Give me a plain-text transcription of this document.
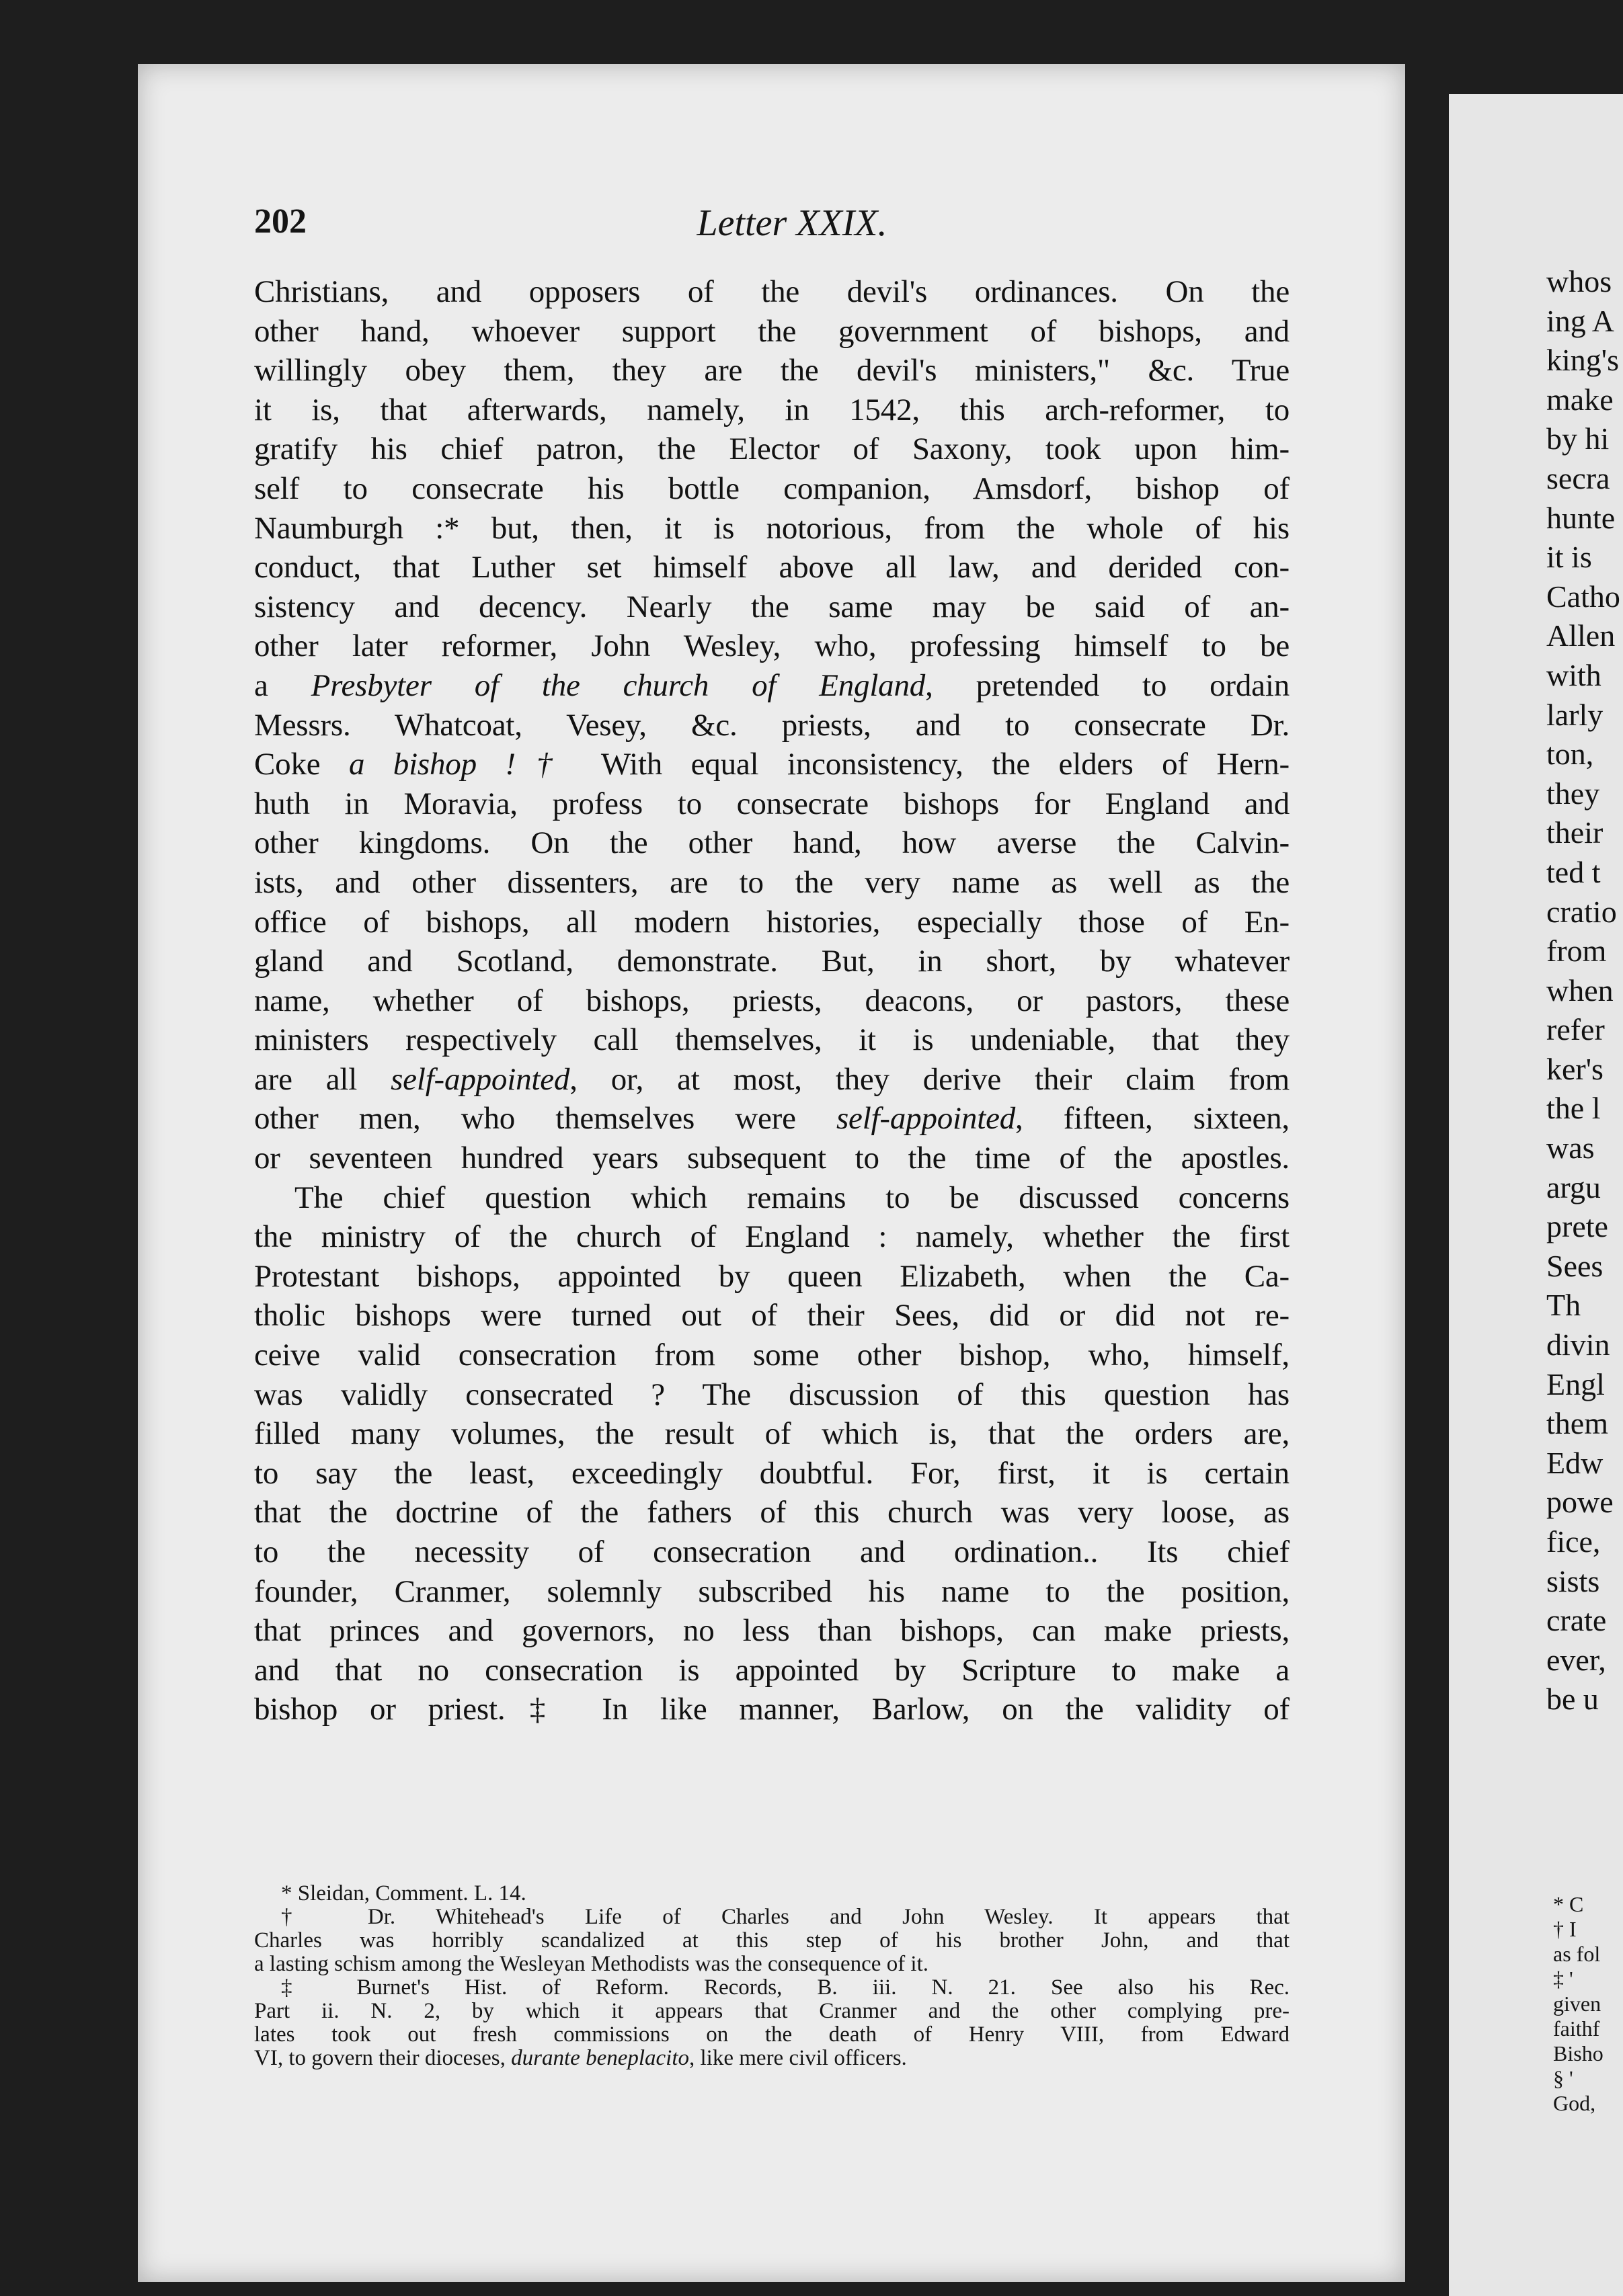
202	Letter XXIX.
Christians, and opposers of the devil's ordinances. On the
other hand, whoever support the government of bishops, and
willingly obey them, they are the devil's ministers," &c. True
it is, that afterwards, namely, in 1542, this arch-reformer, to
gratify his chief patron, the Elector of Saxony, took upon him-
self to consecrate his bottle companion, Amsdorf, bishop of
Naumburgh :* but, then, it is notorious, from the whole of his
conduct, that Luther set himself above all law, and derided con-
sistency and decency. Nearly the same may be said of an-
other later reformer, John Wesley, who, professing himself to be
a Presbyter of the church of England, pretended to ordain
Messrs. Whatcoat, Vesey, &c. priests, and to consecrate Dr.
Coke a bishop !† With equal inconsistency, the elders of Hern-
huth in Moravia, profess to consecrate bishops for England and
other kingdoms. On the other hand, how averse the Calvin-
ists, and other dissenters, are to the very name as well as the
office of bishops, all modern histories, especially those of En-
gland and Scotland, demonstrate. But, in short, by whatever
name, whether of bishops, priests, deacons, or pastors, these
ministers respectively call themselves, it is undeniable, that they
are all self-appointed, or, at most, they derive their claim from
other men, who themselves were self-appointed, fifteen, sixteen,
or seventeen hundred years subsequent to the time of the apostles.
The chief question which remains to be discussed concerns
the ministry of the church of England : namely, whether the first
Protestant bishops, appointed by queen Elizabeth, when the Ca-
tholic bishops were turned out of their Sees, did or did not re-
ceive valid consecration from some other bishop, who, himself,
was validly consecrated ? The discussion of this question has
filled many volumes, the result of which is, that the orders are,
to say the least, exceedingly doubtful. For, first, it is certain
that the doctrine of the fathers of this church was very loose, as
to the necessity of consecration and ordination.. Its chief
founder, Cranmer, solemnly subscribed his name to the position,
that princes and governors, no less than bishops, can make priests,
and that no consecration is appointed by Scripture to make a
bishop or priest.‡ In like manner, Barlow, on the validity of
* Sleidan, Comment. L. 14.
† Dr. Whitehead's Life of Charles and John Wesley. It appears that
Charles was horribly scandalized at this step of his brother John, and that
a lasting schism among the Wesleyan Methodists was the consequence of it.
‡ Burnet's Hist. of Reform. Records, B. iii. N. 21. See also his Rec.
Part ii. N. 2, by which it appears that Cranmer and the other complying pre-
lates took out fresh commissions on the death of Henry VIII, from Edward
VI, to govern their dioceses, durante beneplacito, like mere civil officers.
whos
ing A
king's
make
by hi
secra
hunte
it is
Catho
Allen
with
larly
ton,
they
their
ted t
cratio
from
when
refer
ker's
the l
was
argu
prete
Sees
Th
divin
Engl
them
Edw
powe
fice,
sists
crate
ever,
be u
* C
† I
as fol
‡ '
given
faithf
Bisho
§ '
God,
